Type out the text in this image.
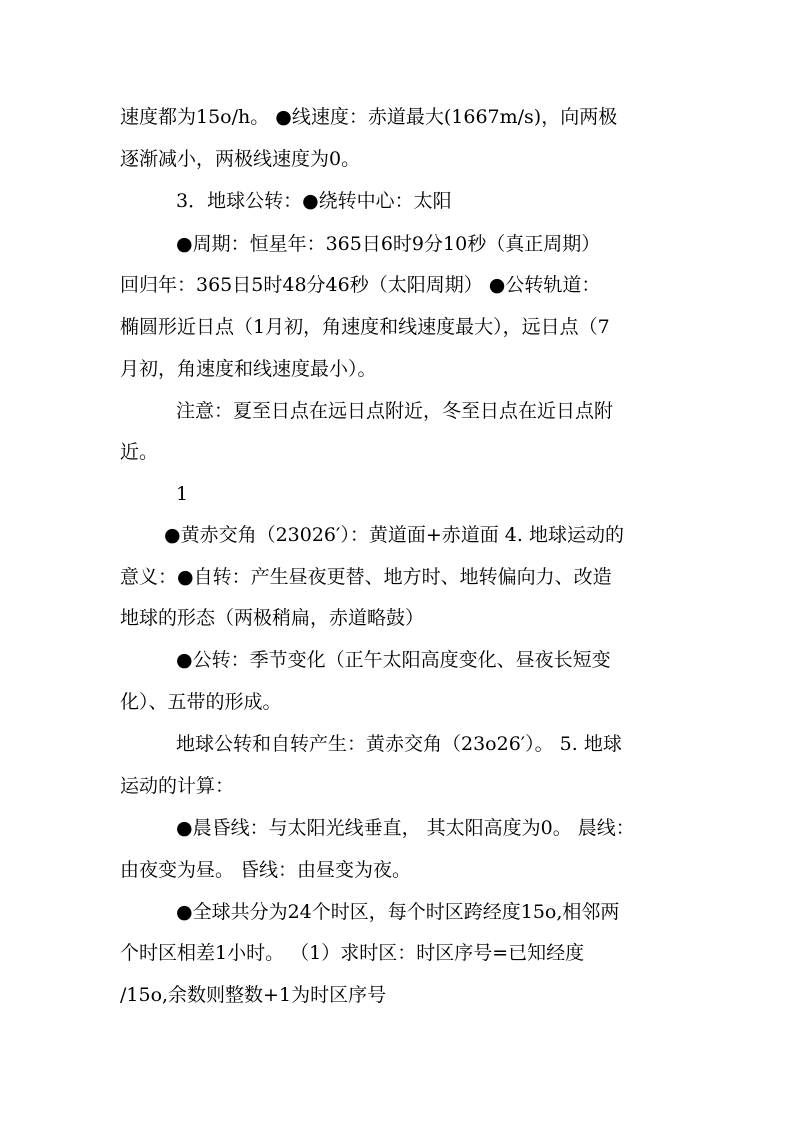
速度都为15o/h。 ●线速度：赤道最大(1667m/s)，向两极
逐渐减小，两极线速度为0。
3．地球公转：●绕转中心：太阳
●周期：恒星年：365日6时9分10秒（真正周期）
回归年：365日5时48分46秒（太阳周期） ●公转轨道：
椭圆形近日点（1月初，角速度和线速度最大），远日点（7
月初，角速度和线速度最小）。
注意：夏至日点在远日点附近，冬至日点在近日点附
近。
1
●黄赤交角（23026′）：黄道面+赤道面 4. 地球运动的
意义：●自转：产生昼夜更替、地方时、地转偏向力、改造
地球的形态（两极稍扁，赤道略鼓）
●公转：季节变化（正午太阳高度变化、昼夜长短变
化）、五带的形成。
地球公转和自转产生：黄赤交角（23o26′）。 5. 地球
运动的计算：
●晨昏线：与太阳光线垂直， 其太阳高度为0。 晨线：
由夜变为昼。 昏线：由昼变为夜。
●全球共分为24个时区，每个时区跨经度15o,相邻两
个时区相差1小时。 （1）求时区：时区序号=已知经度
/15o,余数则整数+1为时区序号
